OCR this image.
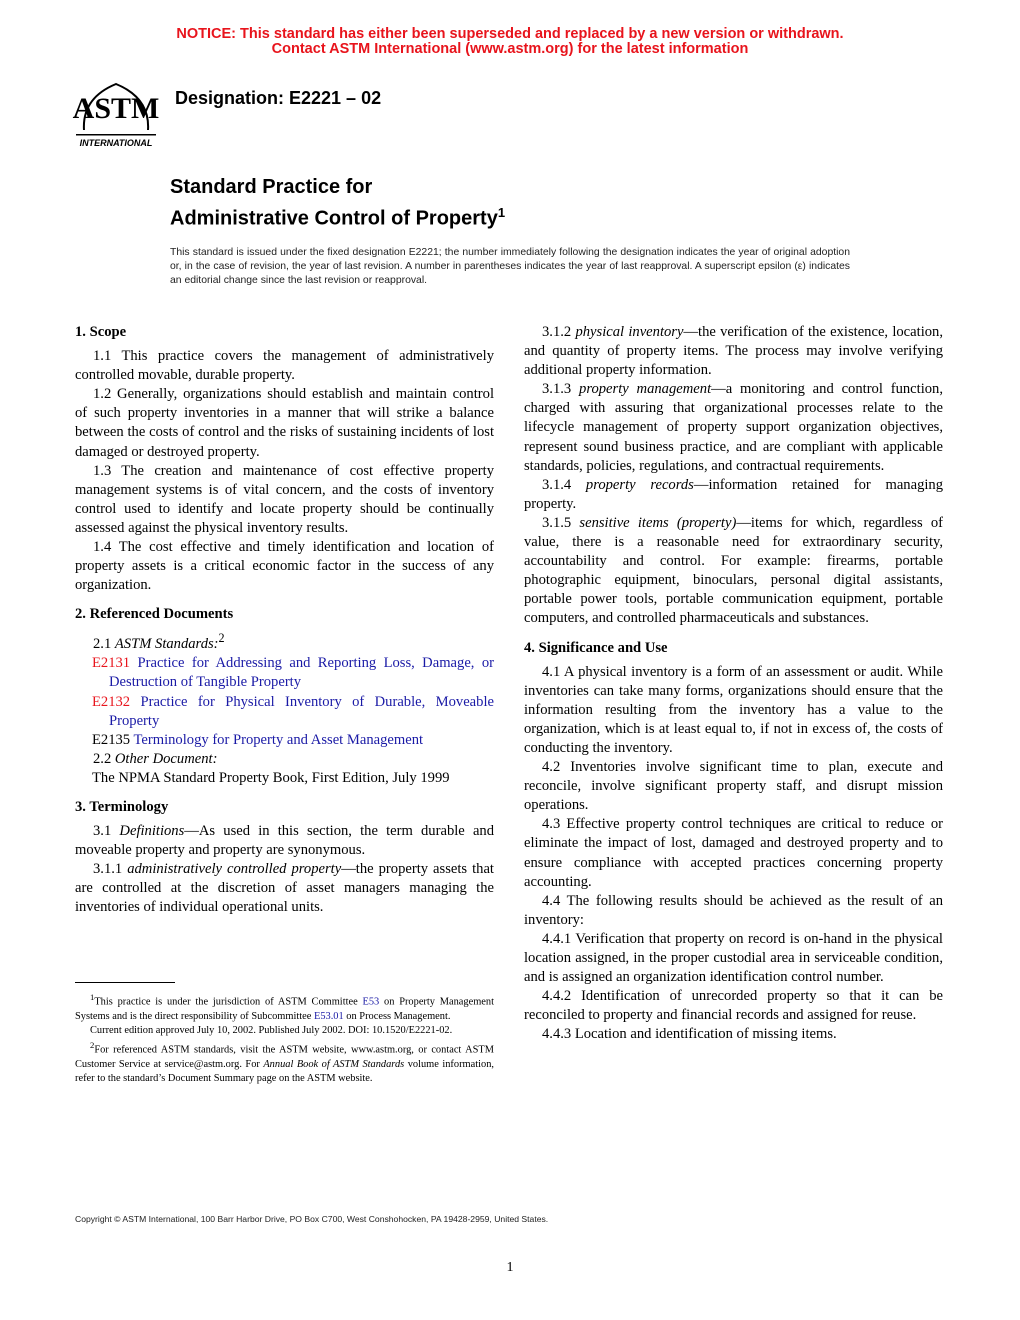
NOTICE: This standard has either been superseded and replaced by a new version or withdrawn.
Contact ASTM International (www.astm.org) for the latest information
ASTM
INTERNATIONAL
Designation: E2221 – 02
Standard Practice for
Administrative Control of Property$^1$
This standard is issued under the fixed designation E2221; the number immediately following the designation indicates the year of original adoption or, in the case of revision, the year of last revision. A number in parentheses indicates the year of last reapproval. A superscript epsilon (ε) indicates an editorial change since the last revision or reapproval.

1. Scope

1.1 This practice covers the management of administratively controlled movable, durable property.

1.2 Generally, organizations should establish and maintain control of such property inventories in a manner that will strike a balance between the costs of control and the risks of sustaining incidents of lost damaged or destroyed property.

1.3 The creation and maintenance of cost effective property management systems is of vital concern, and the costs of inventory control used to identify and locate property should be continually assessed against the physical inventory results.

1.4 The cost effective and timely identification and location of property assets is a critical economic factor in the success of any organization.

2. Referenced Documents

2.1 ASTM Standards:$^2$

E2131 Practice for Addressing and Reporting Loss, Damage, or Destruction of Tangible Property

E2132 Practice for Physical Inventory of Durable, Moveable Property

E2135 Terminology for Property and Asset Management

2.2 Other Document:

The NPMA Standard Property Book, First Edition, July 1999

3. Terminology

3.1 Definitions—As used in this section, the term durable and moveable property and property are synonymous.

3.1.1 administratively controlled property—the property assets that are controlled at the discretion of asset managers managing the inventories of individual operational units.

$^1$This practice is under the jurisdiction of ASTM Committee E53 on Property Management Systems and is the direct responsibility of Subcommittee E53.01 on Process Management.

Current edition approved July 10, 2002. Published July 2002. DOI: 10.1520/E2221-02.

$^2$For referenced ASTM standards, visit the ASTM website, www.astm.org, or contact ASTM Customer Service at service@astm.org. For Annual Book of ASTM Standards volume information, refer to the standard’s Document Summary page on the ASTM website.

3.1.2 physical inventory—the verification of the existence, location, and quantity of property items. The process may involve verifying additional property information.

3.1.3 property management—a monitoring and control function, charged with assuring that organizational processes relate to the lifecycle management of property support organization objectives, represent sound business practice, and are compliant with applicable standards, policies, regulations, and contractual requirements.

3.1.4 property records—information retained for managing property.

3.1.5 sensitive items (property)—items for which, regardless of value, there is a reasonable need for extraordinary security, accountability and control. For example: firearms, portable photographic equipment, binoculars, personal digital assistants, portable power tools, portable communication equipment, portable computers, and controlled pharmaceuticals and substances.

4. Significance and Use

4.1 A physical inventory is a form of an assessment or audit. While inventories can take many forms, organizations should ensure that the information resulting from the inventory has a value to the organization, which is at least equal to, if not in excess of, the costs of conducting the inventory.

4.2 Inventories involve significant time to plan, execute and reconcile, involve significant property staff, and disrupt mission operations.

4.3 Effective property control techniques are critical to reduce or eliminate the impact of lost, damaged and destroyed property and to ensure compliance with accepted practices concerning property accounting.

4.4 The following results should be achieved as the result of an inventory:

4.4.1 Verification that property on record is on-hand in the physical location assigned, in the proper custodial area in serviceable condition, and is assigned an organization identification control number.

4.4.2 Identification of unrecorded property so that it can be reconciled to property and financial records and assigned for reuse.

4.4.3 Location and identification of missing items.

Copyright © ASTM International, 100 Barr Harbor Drive, PO Box C700, West Conshohocken, PA 19428-2959, United States.
1
